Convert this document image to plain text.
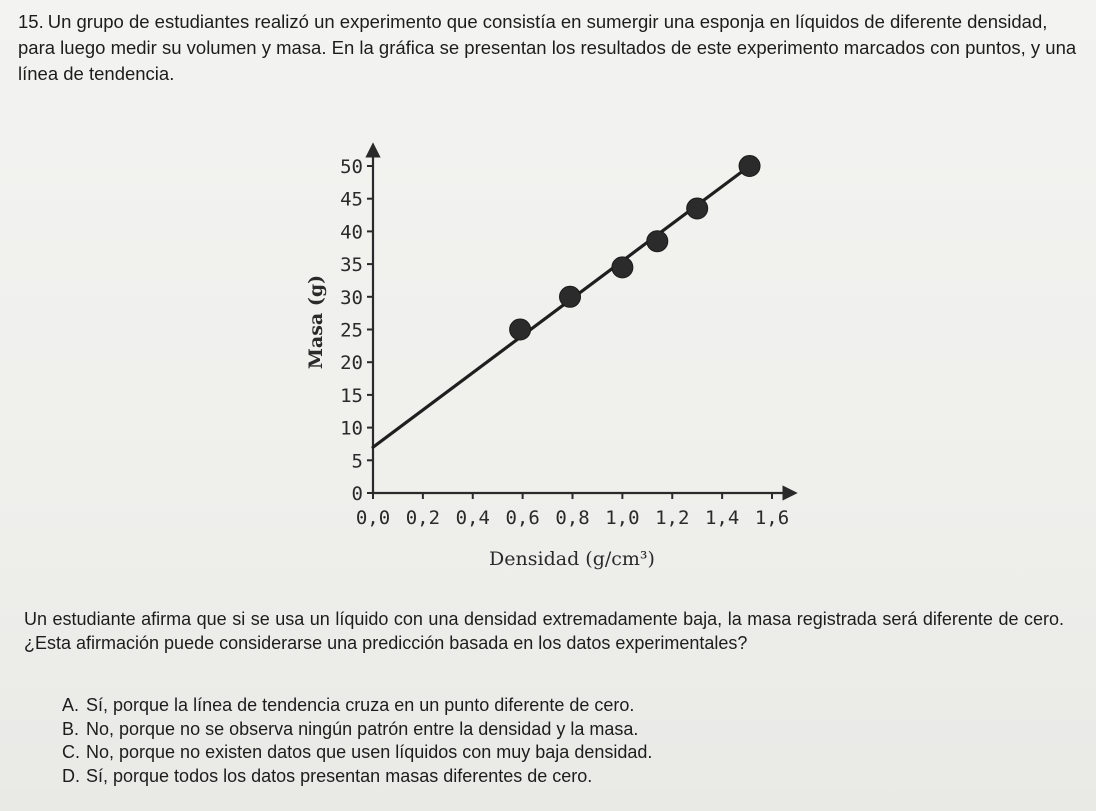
15. Un grupo de estudiantes realizó un experimento que consistía en sumergir una esponja en líquidos de diferente densidad, para luego medir su volumen y masa. En la gráfica se presentan los resultados de este experimento marcados con puntos, y una línea de tendencia.

0
5
10
15
20
25
30
35
40
45
50
0,0 0,2 0,4 0,6 0,8 1,0 1,2 1,4 1,6
Masa (g)
Densidad (g/cm³)

Un estudiante afirma que si se usa un líquido con una densidad extremadamente baja, la masa registrada será diferente de cero. ¿Esta afirmación puede considerarse una predicción basada en los datos experimentales?

A. Sí, porque la línea de tendencia cruza en un punto diferente de cero.
B. No, porque no se observa ningún patrón entre la densidad y la masa.
C. No, porque no existen datos que usen líquidos con muy baja densidad.
D. Sí, porque todos los datos presentan masas diferentes de cero.
